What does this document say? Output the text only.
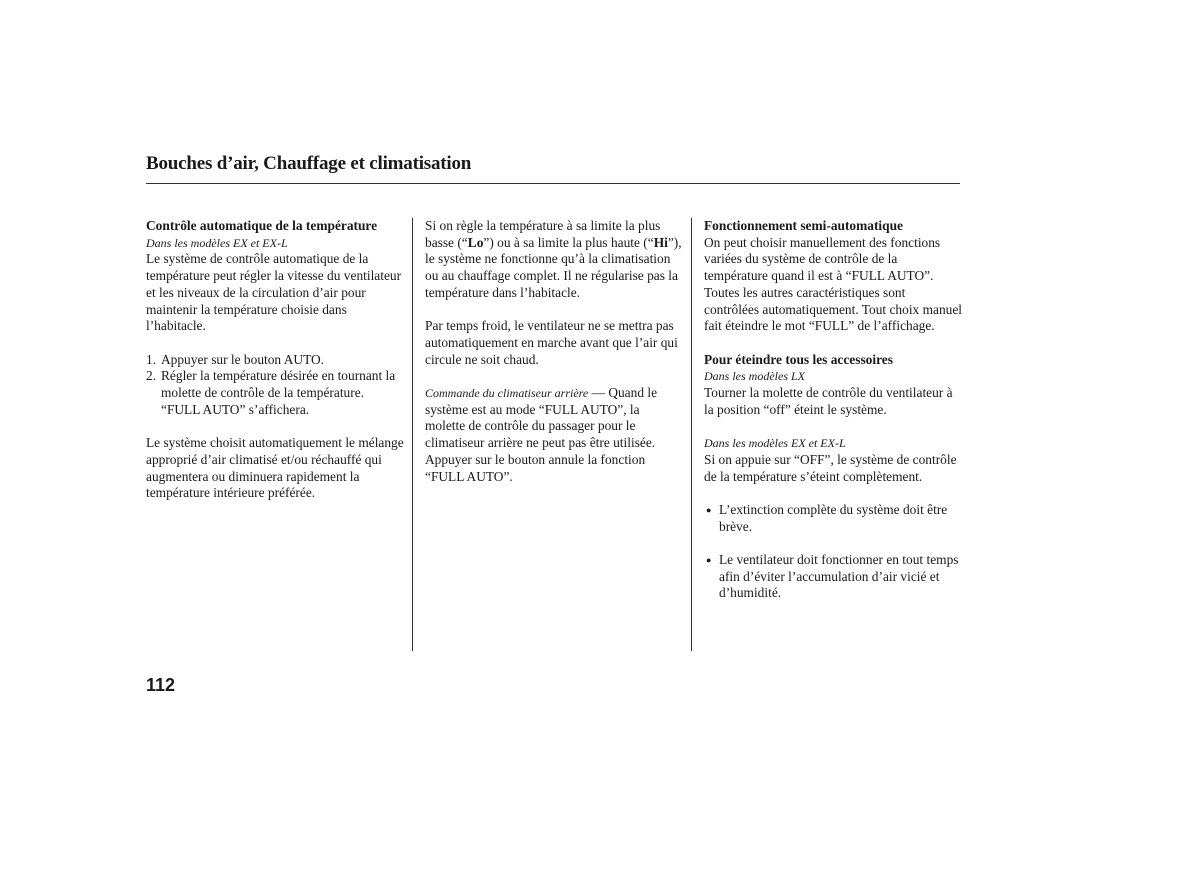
Bouches d’air, Chauffage et climatisation

Contrôle automatique de la température

Dans les modèles EX et EX-L

Le système de contrôle automatique de la température peut régler la vitesse du ventilateur et les niveaux de la circulation d’air pour maintenir la température choisie dans l’habitacle.

1. Appuyer sur le bouton AUTO.
2. Régler la température désirée en tournant la molette de contrôle de la température. “FULL AUTO” s’affichera.

Le système choisit automatiquement le mélange approprié d’air climatisé et/ou réchauffé qui augmentera ou diminuera rapidement la température intérieure préférée.

Si on règle la température à sa limite la plus basse (“Lo”) ou à sa limite la plus haute (“Hi”), le système ne fonctionne qu’à la climatisation ou au chauffage complet. Il ne régularise pas la température dans l’habitacle.

Par temps froid, le ventilateur ne se mettra pas automatiquement en marche avant que l’air qui circule ne soit chaud.

Commande du climatiseur arrière — Quand le système est au mode “FULL AUTO”, la molette de contrôle du passager pour le climatiseur arrière ne peut pas être utilisée. Appuyer sur le bouton annule la fonction “FULL AUTO”.

Fonctionnement semi-automatique

On peut choisir manuellement des fonctions variées du système de contrôle de la température quand il est à “FULL AUTO”. Toutes les autres caractéristiques sont contrôlées automatiquement. Tout choix manuel fait éteindre le mot “FULL” de l’affichage.

Pour éteindre tous les accessoires

Dans les modèles LX

Tourner la molette de contrôle du ventilateur à la position “off” éteint le système.

Dans les modèles EX et EX-L

Si on appuie sur “OFF”, le système de contrôle de la température s’éteint complètement.

● L’extinction complète du système doit être brève.
● Le ventilateur doit fonctionner en tout temps afin d’éviter l’accumulation d’air vicié et d’humidité.
112
